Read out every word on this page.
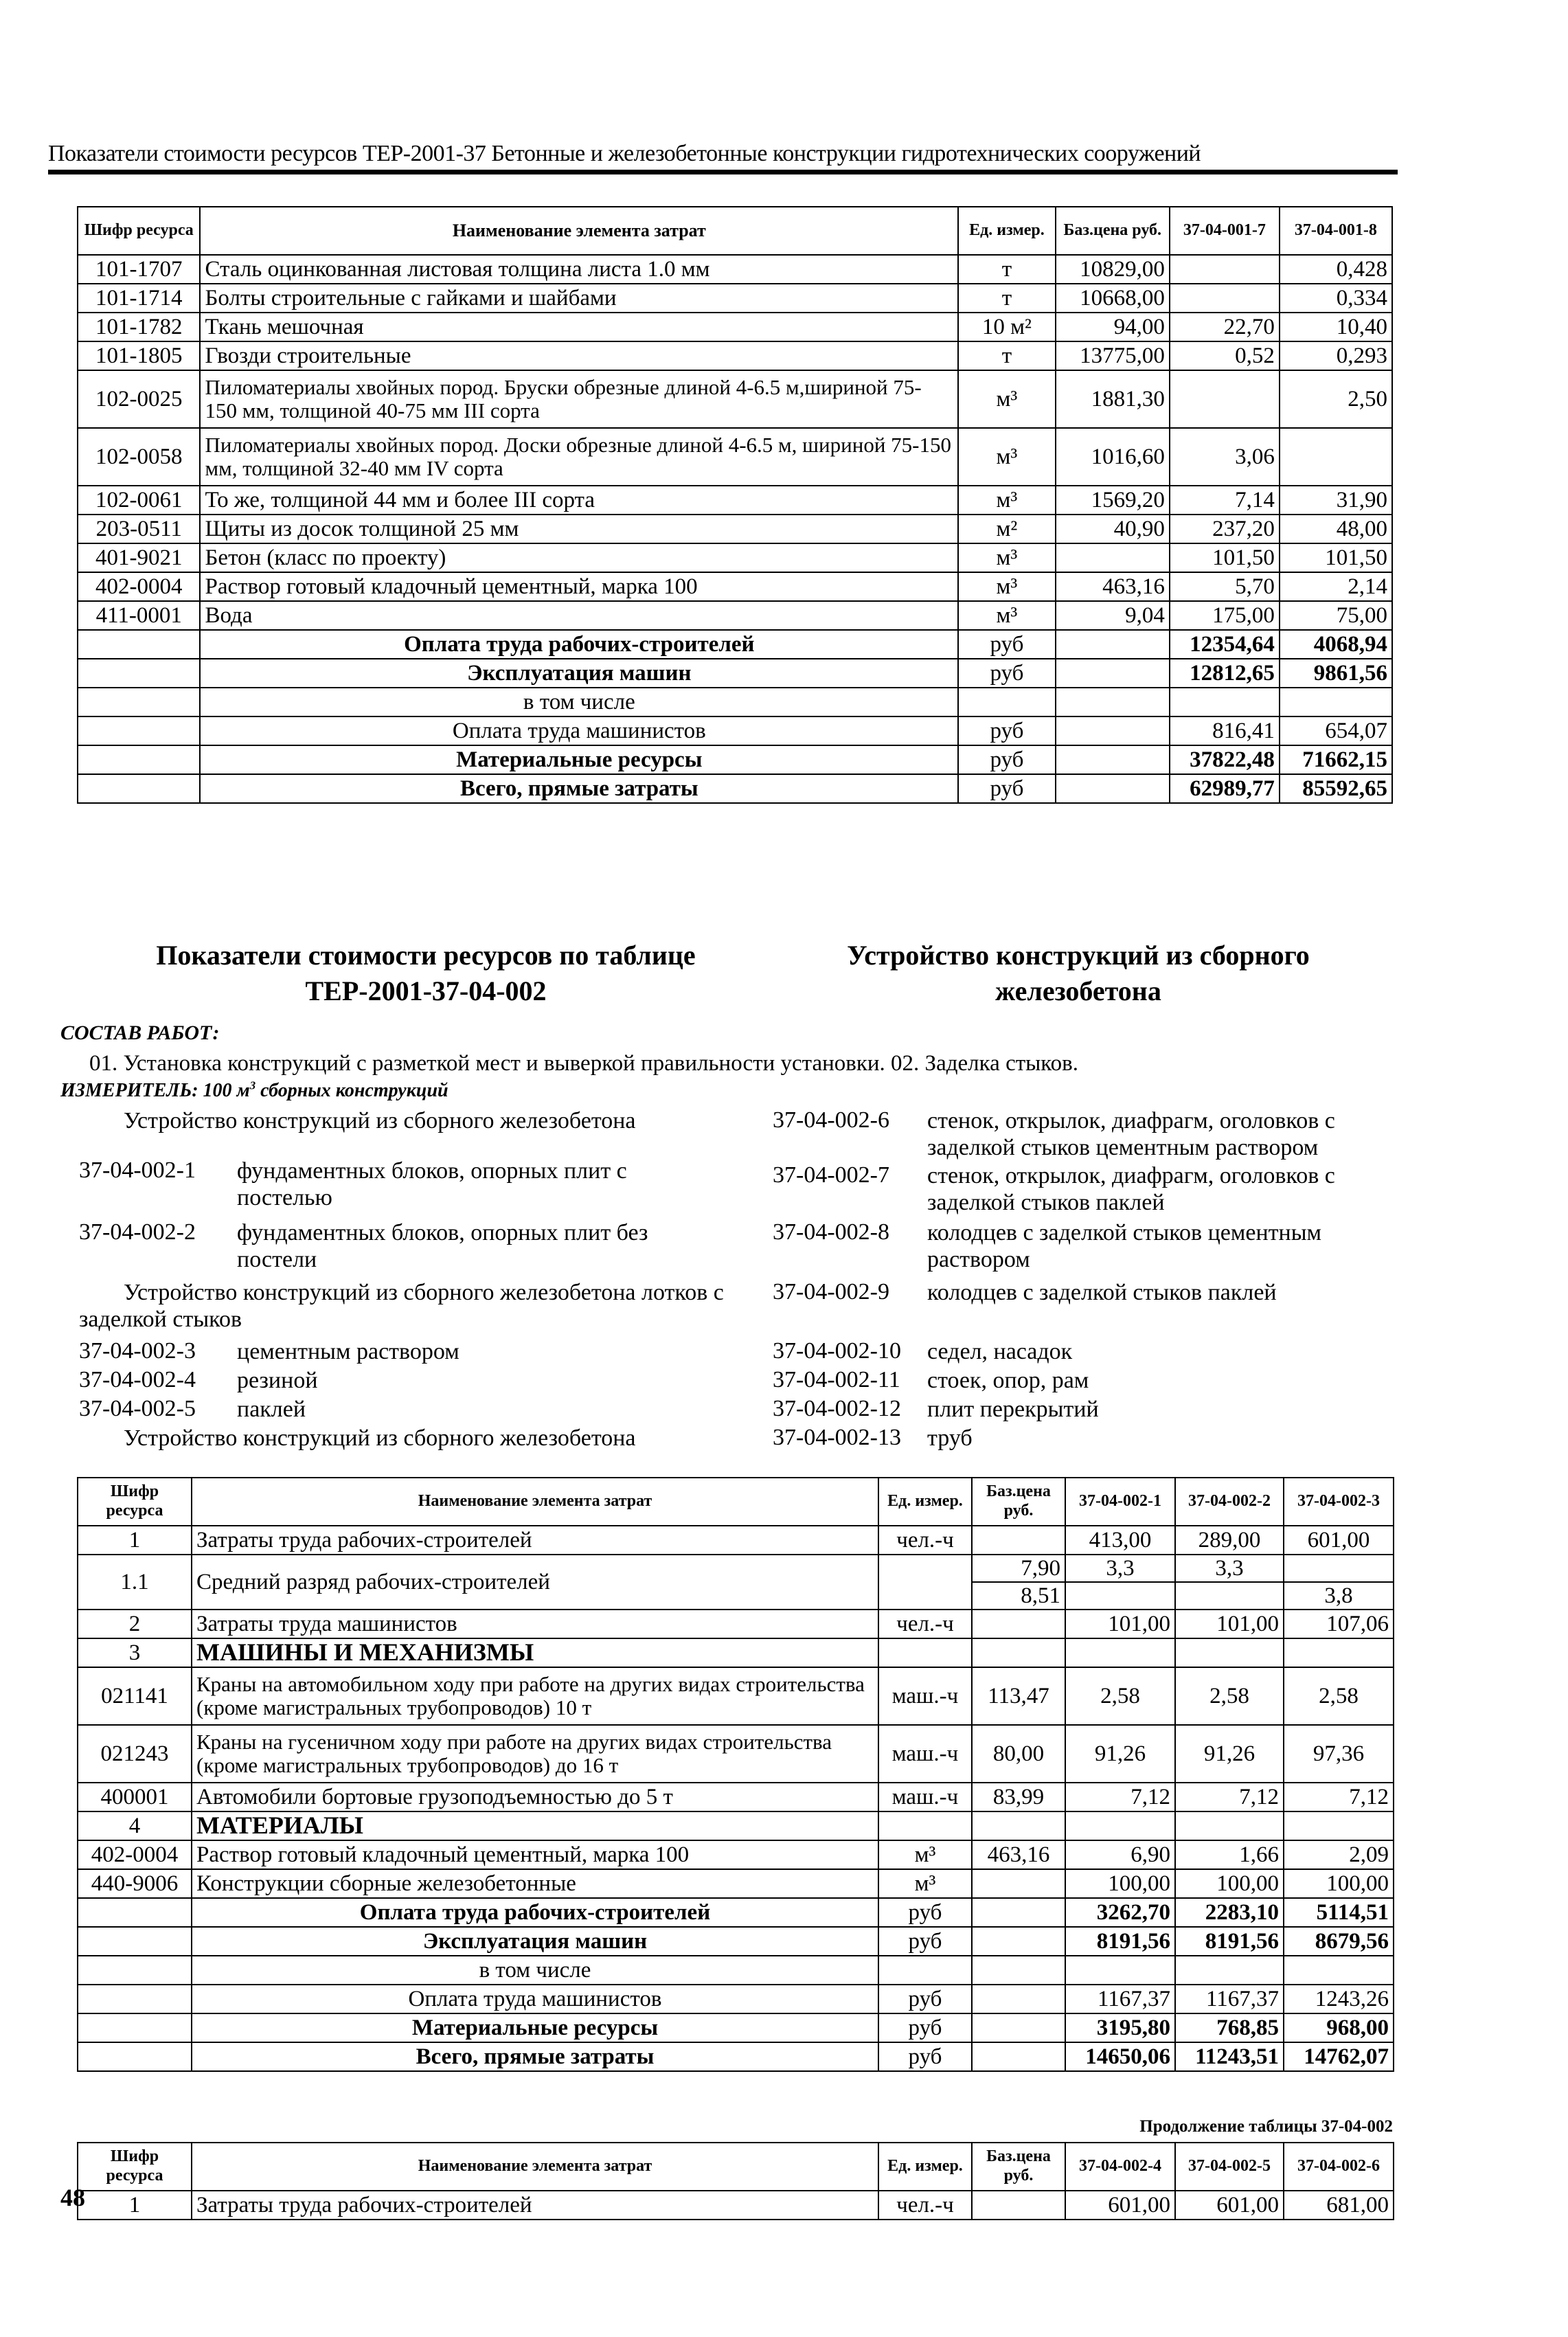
Показатели стоимости ресурсов ТЕР-2001-37 Бетонные и железобетонные конструкции гидротехнических сооружений
Шифр ресурса	Наименование элемента затрат	Ед. измер.	Баз.цена руб.	37-04-001-7	37-04-001-8
101-1707	Сталь оцинкованная листовая толщина листа 1.0 мм	т	10829,00		0,428
101-1714	Болты строительные с гайками и шайбами	т	10668,00		0,334
101-1782	Ткань мешочная	10 м²	94,00	22,70	10,40
101-1805	Гвозди строительные	т	13775,00	0,52	0,293
102-0025	Пиломатериалы хвойных пород. Бруски обрезные длиной 4-6.5 м,шириной 75-150 мм, толщиной 40-75 мм III сорта	м³	1881,30		2,50
102-0058	Пиломатериалы хвойных пород. Доски обрезные длиной 4-6.5 м, шириной 75-150 мм, толщиной 32-40 мм IV сорта	м³	1016,60	3,06	
102-0061	То же, толщиной 44 мм и более III сорта	м³	1569,20	7,14	31,90
203-0511	Щиты из досок толщиной 25 мм	м²	40,90	237,20	48,00
401-9021	Бетон (класс по проекту)	м³		101,50	101,50
402-0004	Раствор готовый кладочный цементный, марка 100	м³	463,16	5,70	2,14
411-0001	Вода	м³	9,04	175,00	75,00
	Оплата труда рабочих-строителей	руб		12354,64	4068,94
	Эксплуатация машин	руб		12812,65	9861,56
	в том числе				
	Оплата труда машинистов	руб		816,41	654,07
	Материальные ресурсы	руб		37822,48	71662,15
	Всего, прямые затраты	руб		62989,77	85592,65
Показатели стоимости ресурсов по таблице
ТЕР-2001-37-04-002
Устройство конструкций из сборного
железобетона
СОСТАВ РАБОТ:
01. Установка конструкций с разметкой мест и выверкой правильности установки. 02. Заделка стыков.
ИЗМЕРИТЕЛЬ: 100 $м^3$ сборных конструкций
Устройство конструкций из сборного железобетона
37-04-002-1 фундаментных блоков, опорных плит с постелью
37-04-002-2 фундаментных блоков, опорных плит без постели
Устройство конструкций из сборного железобетона лотков с заделкой стыков
37-04-002-3 цементным раствором
37-04-002-4 резиной
37-04-002-5 паклей
Устройство конструкций из сборного железобетона
37-04-002-6 стенок, открылок, диафрагм, оголовков с заделкой стыков цементным раствором
37-04-002-7 стенок, открылок, диафрагм, оголовков с заделкой стыков паклей
37-04-002-8 колодцев с заделкой стыков цементным раствором
37-04-002-9 колодцев с заделкой стыков паклей
37-04-002-10 седел, насадок
37-04-002-11 стоек, опор, рам
37-04-002-12 плит перекрытий
37-04-002-13 труб
Шифр ресурса	Наименование элемента затрат	Ед. измер.	Баз.цена руб.	37-04-002-1	37-04-002-2	37-04-002-3
1	Затраты труда рабочих-строителей	чел.-ч		413,00	289,00	601,00
1.1	Средний разряд рабочих-строителей		7,90	3,3	3,3	
			8,51			3,8
2	Затраты труда машинистов	чел.-ч		101,00	101,00	107,06
3	МАШИНЫ И МЕХАНИЗМЫ					
021141	Краны на автомобильном ходу при работе на других видах строительства (кроме магистральных трубопроводов) 10 т	маш.-ч	113,47	2,58	2,58	2,58
021243	Краны на гусеничном ходу при работе на других видах строительства (кроме магистральных трубопроводов) до 16 т	маш.-ч	80,00	91,26	91,26	97,36
400001	Автомобили бортовые грузоподъемностью до 5 т	маш.-ч	83,99	7,12	7,12	7,12
4	МАТЕРИАЛЫ					
402-0004	Раствор готовый кладочный цементный, марка 100	м³	463,16	6,90	1,66	2,09
440-9006	Конструкции сборные железобетонные	м³		100,00	100,00	100,00
	Оплата труда рабочих-строителей	руб		3262,70	2283,10	5114,51
	Эксплуатация машин	руб		8191,56	8191,56	8679,56
	в том числе					
	Оплата труда машинистов	руб		1167,37	1167,37	1243,26
	Материальные ресурсы	руб		3195,80	768,85	968,00
	Всего, прямые затраты	руб		14650,06	11243,51	14762,07
Продолжение таблицы 37-04-002
Шифр ресурса	Наименование элемента затрат	Ед. измер.	Баз.цена руб.	37-04-002-4	37-04-002-5	37-04-002-6
1	Затраты труда рабочих-строителей	чел.-ч		601,00	601,00	681,00
48
